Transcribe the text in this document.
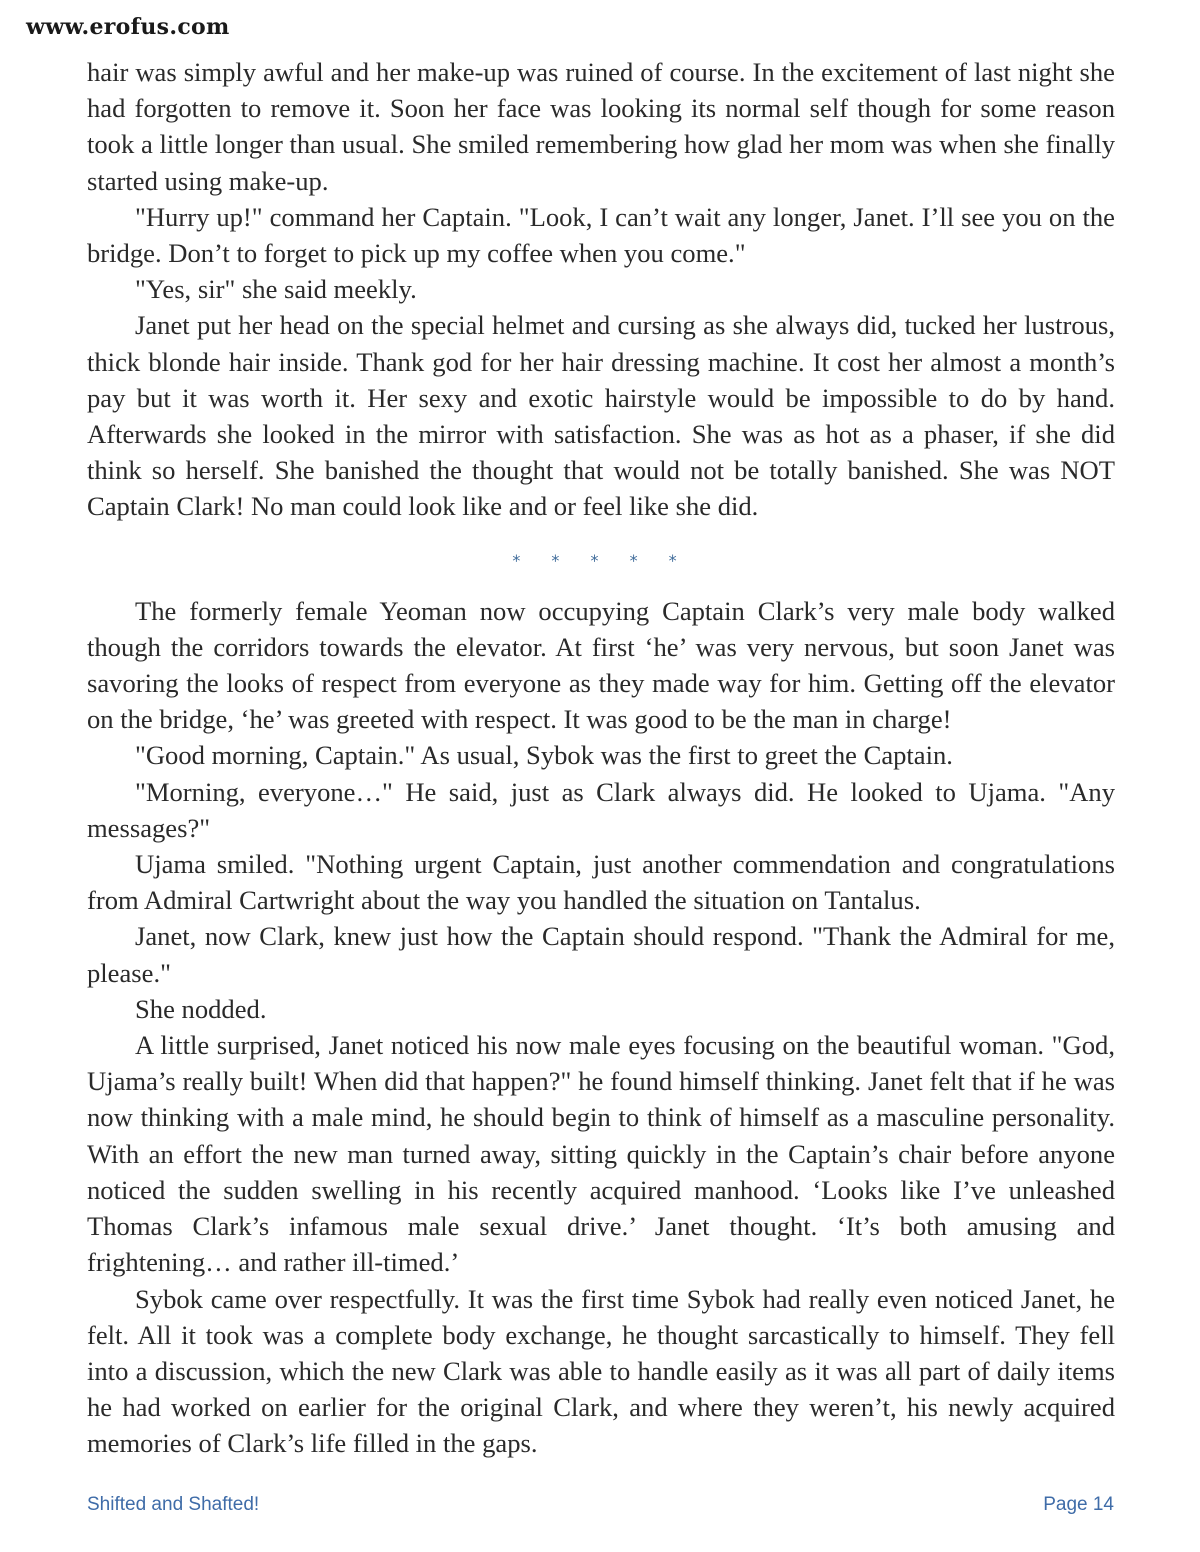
www.erofus.com

hair was simply awful and her make-up was ruined of course. In the excitement of last night she had forgotten to remove it. Soon her face was looking its normal self though for some reason took a little longer than usual. She smiled remembering how glad her mom was when she finally started using make-up.

"Hurry up!" command her Captain. "Look, I can’t wait any longer, Janet. I’ll see you on the bridge. Don’t to forget to pick up my coffee when you come."

"Yes, sir" she said meekly.

Janet put her head on the special helmet and cursing as she always did, tucked her lustrous, thick blonde hair inside. Thank god for her hair dressing machine. It cost her almost a month’s pay but it was worth it. Her sexy and exotic hairstyle would be impossible to do by hand. Afterwards she looked in the mirror with satisfaction. She was as hot as a phaser, if she did think so herself. She banished the thought that would not be totally banished. She was NOT Captain Clark! No man could look like and or feel like she did.

* * * * *

The formerly female Yeoman now occupying Captain Clark’s very male body walked though the corridors towards the elevator. At first ‘he’ was very nervous, but soon Janet was savoring the looks of respect from everyone as they made way for him. Getting off the elevator on the bridge, ‘he’ was greeted with respect. It was good to be the man in charge!

"Good morning, Captain." As usual, Sybok was the first to greet the Captain.

"Morning, everyone…" He said, just as Clark always did. He looked to Ujama. "Any messages?"

Ujama smiled. "Nothing urgent Captain, just another commendation and congratulations from Admiral Cartwright about the way you handled the situation on Tantalus.

Janet, now Clark, knew just how the Captain should respond. "Thank the Admiral for me, please."

She nodded.

A little surprised, Janet noticed his now male eyes focusing on the beautiful woman. "God, Ujama’s really built! When did that happen?" he found himself thinking. Janet felt that if he was now thinking with a male mind, he should begin to think of himself as a masculine personality. With an effort the new man turned away, sitting quickly in the Captain’s chair before anyone noticed the sudden swelling in his recently acquired manhood. ‘Looks like I’ve unleashed Thomas Clark’s infamous male sexual drive.’ Janet thought. ‘It’s both amusing and frightening… and rather ill-timed.’

Sybok came over respectfully. It was the first time Sybok had really even noticed Janet, he felt. All it took was a complete body exchange, he thought sarcastically to himself. They fell into a discussion, which the new Clark was able to handle easily as it was all part of daily items he had worked on earlier for the original Clark, and where they weren’t, his newly acquired memories of Clark’s life filled in the gaps.

Shifted and Shafted!	Page 14
